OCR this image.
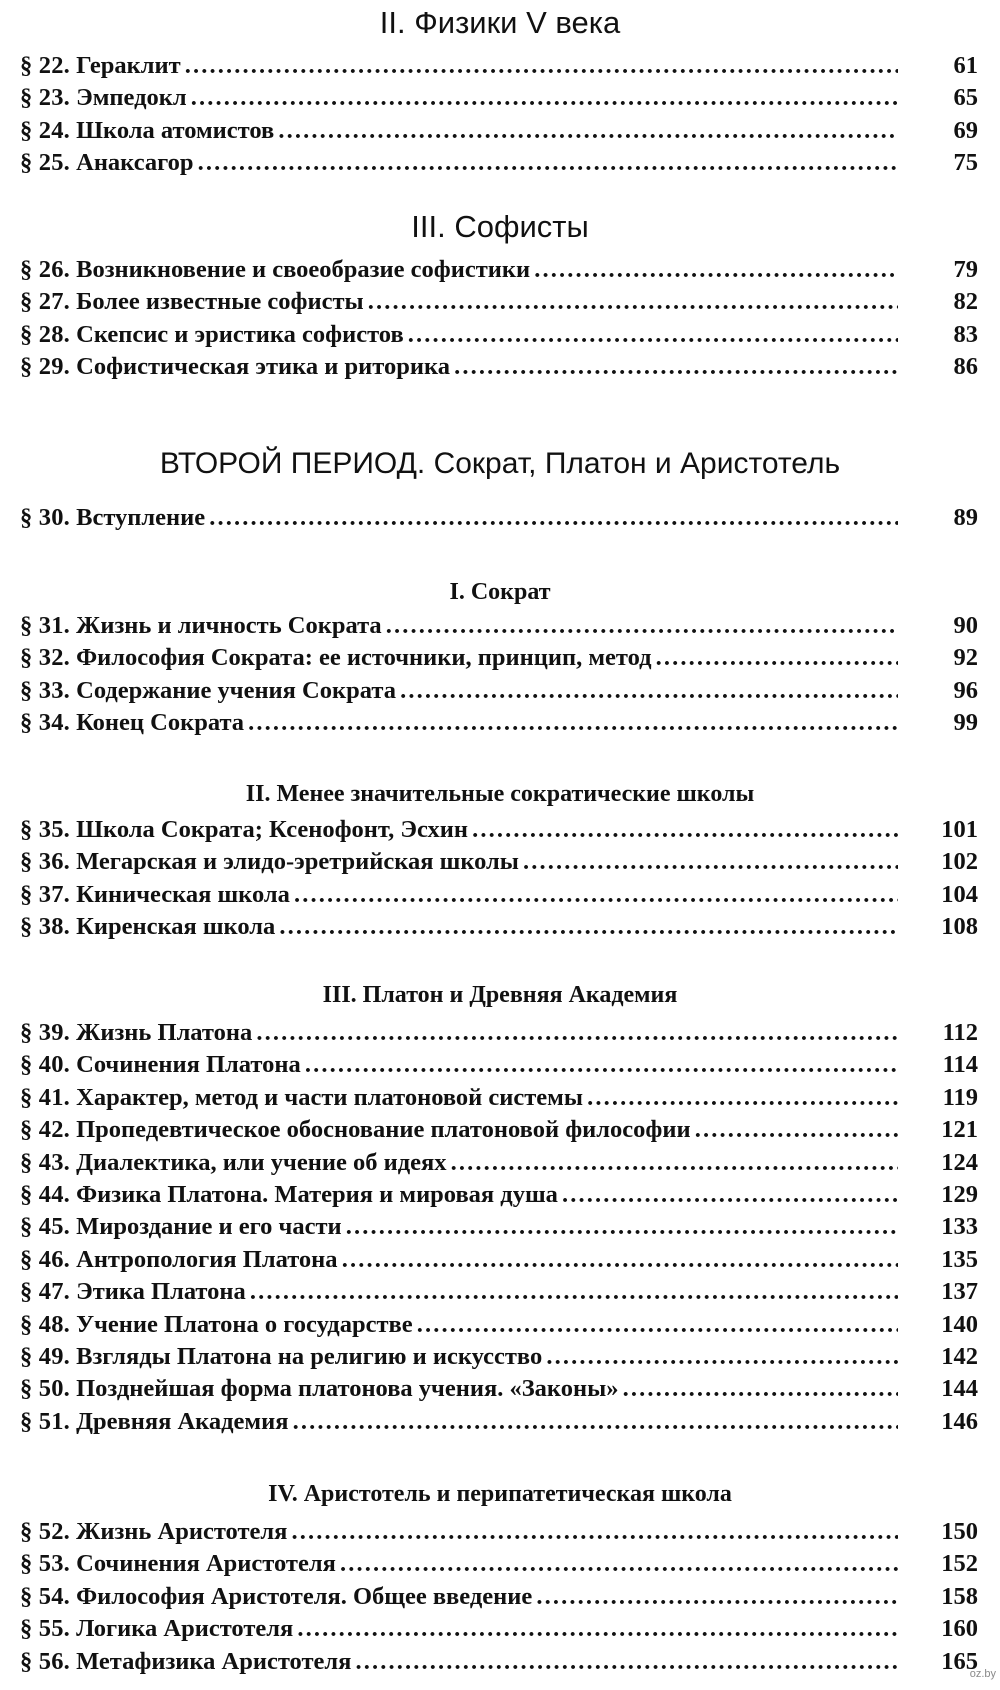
II. Физики V века
§ 22. Гераклит . . .	61
§ 23. Эмпедокл . . .	65
§ 24. Школа атомистов . . .	69
§ 25. Анаксагор . . .	75
III. Софисты
§ 26. Возникновение и своеобразие софистики . . .	79
§ 27. Более известные софисты . . .	82
§ 28. Скепсис и эристика софистов . . .	83
§ 29. Софистическая этика и риторика . . .	86
ВТОРОЙ ПЕРИОД. Сократ, Платон и Аристотель
§ 30. Вступление . . .	89
I. Сократ
§ 31. Жизнь и личность Сократа . . .	90
§ 32. Философия Сократа: ее источники, принцип, метод . . .	92
§ 33. Содержание учения Сократа . . .	96
§ 34. Конец Сократа . . .	99
II. Менее значительные сократические школы
§ 35. Школа Сократа; Ксенофонт, Эсхин . . .	101
§ 36. Мегарская и элидо-эретрийская школы . . .	102
§ 37. Киническая школа . . .	104
§ 38. Киренская школа . . .	108
III. Платон и Древняя Академия
§ 39. Жизнь Платона . . .	112
§ 40. Сочинения Платона . . .	114
§ 41. Характер, метод и части платоновой системы . . .	119
§ 42. Пропедевтическое обоснование платоновой философии . . .	121
§ 43. Диалектика, или учение об идеях . . .	124
§ 44. Физика Платона. Материя и мировая душа . . .	129
§ 45. Мироздание и его части . . .	133
§ 46. Антропология Платона . . .	135
§ 47. Этика Платона . . .	137
§ 48. Учение Платона о государстве . . .	140
§ 49. Взгляды Платона на религию и искусство . . .	142
§ 50. Позднейшая форма платонова учения. «Законы» . . .	144
§ 51. Древняя Академия . . .	146
IV. Аристотель и перипатетическая школа
§ 52. Жизнь Аристотеля . . .	150
§ 53. Сочинения Аристотеля . . .	152
§ 54. Философия Аристотеля. Общее введение . . .	158
§ 55. Логика Аристотеля . . .	160
§ 56. Метафизика Аристотеля . . .	165
oz.by
